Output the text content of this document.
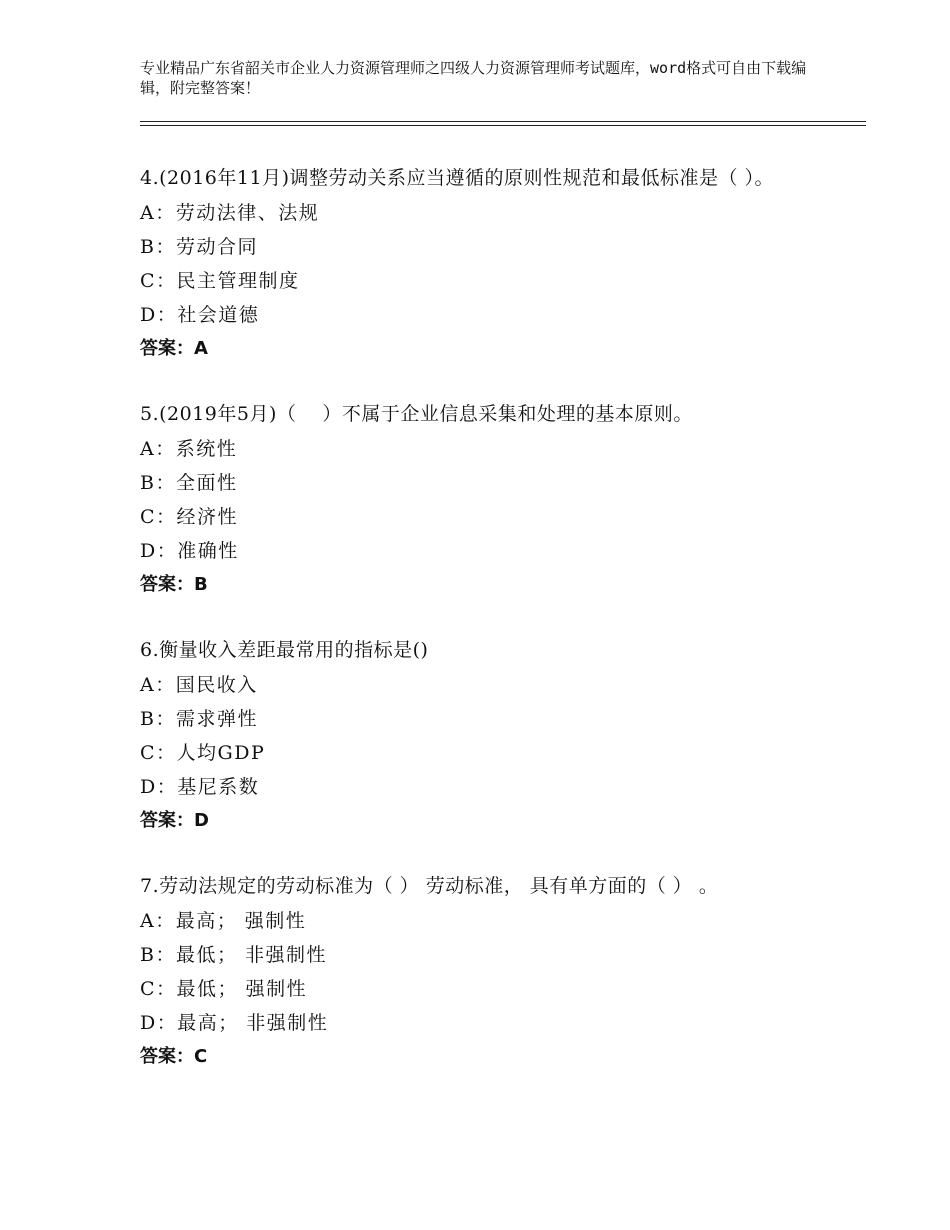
专业精品广东省韶关市企业人力资源管理师之四级人力资源管理师考试题库，word格式可自由下载编辑，附完整答案！
4.(2016年11月)调整劳动关系应当遵循的原则性规范和最低标准是（ ）。
A：劳动法律、法规
B：劳动合同
C：民主管理制度
D：社会道德
答案：A
5.(2019年5月)（　 ）不属于企业信息采集和处理的基本原则。
A：系统性
B：全面性
C：经济性
D：准确性
答案：B
6.衡量收入差距最常用的指标是()
A：国民收入
B：需求弹性
C：人均GDP
D：基尼系数
答案：D
7.劳动法规定的劳动标准为（ ） 劳动标准， 具有单方面的（ ） 。
A：最高； 强制性
B：最低； 非强制性
C：最低； 强制性
D：最高； 非强制性
答案：C
